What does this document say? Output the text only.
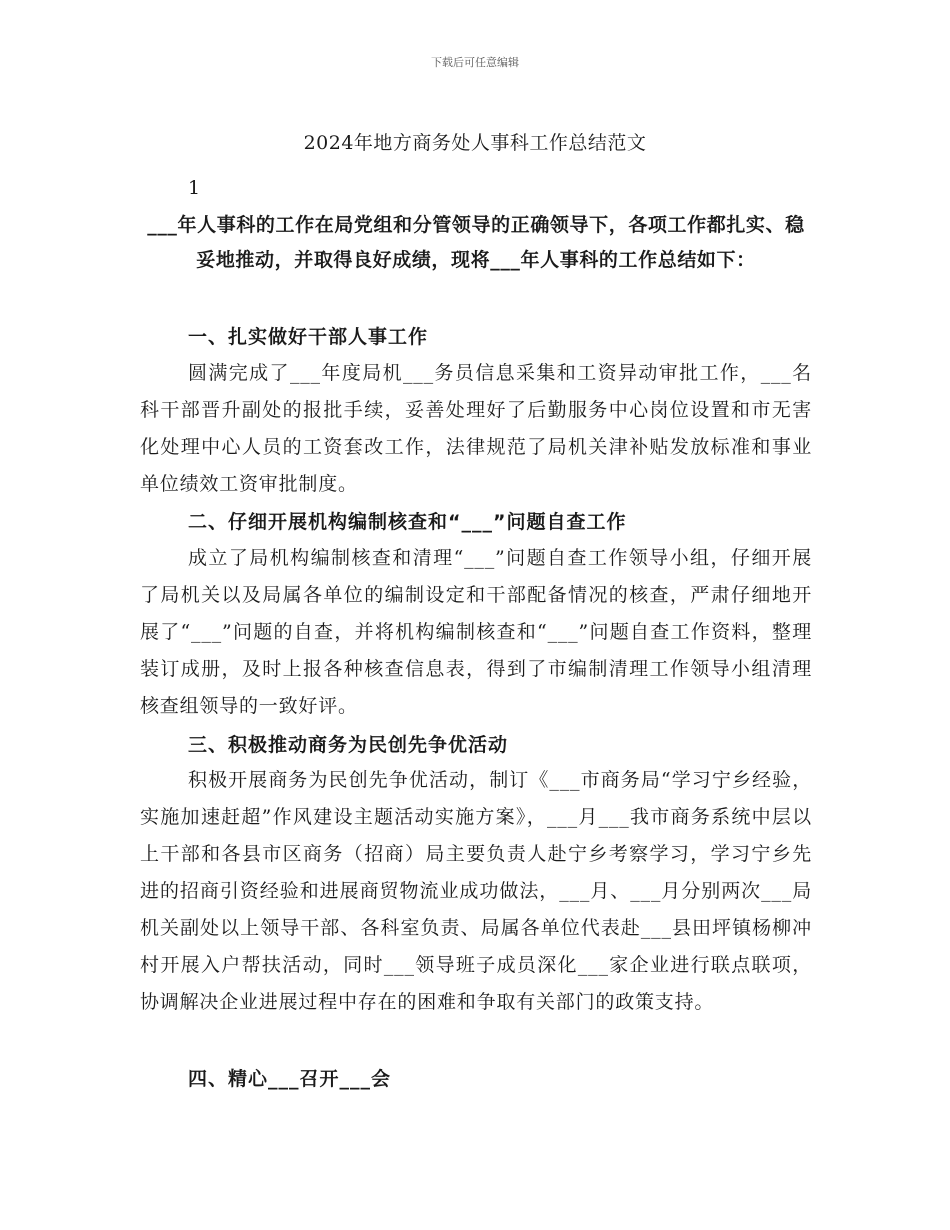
下载后可任意编辑
2024年地方商务处人事科工作总结范文
1
___年人事科的工作在局党组和分管领导的正确领导下，各项工作都扎实、稳妥地推动，并取得良好成绩，现将___年人事科的工作总结如下：
一、扎实做好干部人事工作
圆满完成了___年度局机___务员信息采集和工资异动审批工作，___名科干部晋升副处的报批手续，妥善处理好了后勤服务中心岗位设置和市无害化处理中心人员的工资套改工作，法律规范了局机关津补贴发放标准和事业单位绩效工资审批制度。
二、仔细开展机构编制核查和“___”问题自查工作
成立了局机构编制核查和清理“___”问题自查工作领导小组，仔细开展了局机关以及局属各单位的编制设定和干部配备情况的核查，严肃仔细地开展了“___”问题的自查，并将机构编制核查和“___”问题自查工作资料，整理装订成册，及时上报各种核查信息表，得到了市编制清理工作领导小组清理核查组领导的一致好评。
三、积极推动商务为民创先争优活动
积极开展商务为民创先争优活动，制订《___市商务局“学习宁乡经验，实施加速赶超”作风建设主题活动实施方案》，___月___我市商务系统中层以上干部和各县市区商务（招商）局主要负责人赴宁乡考察学习，学习宁乡先进的招商引资经验和进展商贸物流业成功做法，___月、___月分别两次___局机关副处以上领导干部、各科室负责、局属各单位代表赴___县田坪镇杨柳冲村开展入户帮扶活动，同时___领导班子成员深化___家企业进行联点联项，协调解决企业进展过程中存在的困难和争取有关部门的政策支持。
四、精心___召开___会
